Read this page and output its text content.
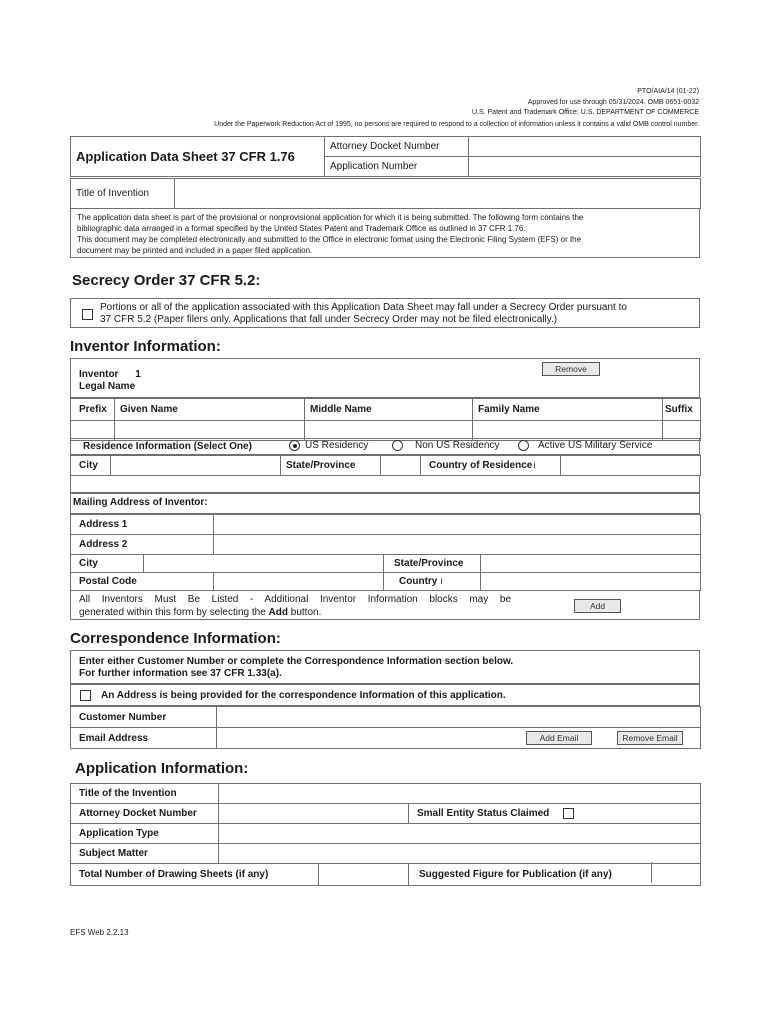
PTO/AIA/14 (01-22)
Approved for use through 05/31/2024. OMB 0651-0032
U.S. Patent and Trademark Office; U.S. DEPARTMENT OF COMMERCE
Under the Paperwork Reduction Act of 1995, no persons are required to respond to a collection of information unless it contains a valid OMB control number.
Application Data Sheet 37 CFR 1.76	Attorney Docket Number	
	Application Number	
Title of Invention	
The application data sheet is part of the provisional or nonprovisional application for which it is being submitted. The following form contains the
bibliographic data arranged in a format specified by the United States Patent and Trademark Office as outlined in 37 CFR 1.76.
This document may be completed electronically and submitted to the Office in electronic format using the Electronic Filing System (EFS) or the
document may be printed and included in a paper filed application.
Secrecy Order 37 CFR 5.2:
Portions or all of the application associated with this Application Data Sheet may fall under a Secrecy Order pursuant to
37 CFR 5.2 (Paper filers only. Applications that fall under Secrecy Order may not be filed electronically.)
Inventor Information:
Remove
Inventor 1
Legal Name
Prefix	Given Name	Middle Name	Family Name	Suffix

Residence Information (Select One)	US Residency	Non US Residency	Active US Military Service
City		State/Province		Country of Residencei	
Mailing Address of Inventor:
Address 1				
Address 2				
City			State/Province	
Postal Code			Country i	
All Inventors Must Be Listed - Additional Inventor Information blocks may be
generated within this form by selecting the Add button.
Add
Correspondence Information:
Enter either Customer Number or complete the Correspondence Information section below.
For further information see 37 CFR 1.33(a).
An Address is being provided for the correspondence Information of this application.
Customer Number	
Email Address		Add Email	Remove Email
Application Information:
Title of the Invention			
Attorney Docket Number			Small Entity Status Claimed
Application Type			
Subject Matter			
Total Number of Drawing Sheets (if any)			Suggested Figure for Publication (if any)
EFS Web 2.2.13
